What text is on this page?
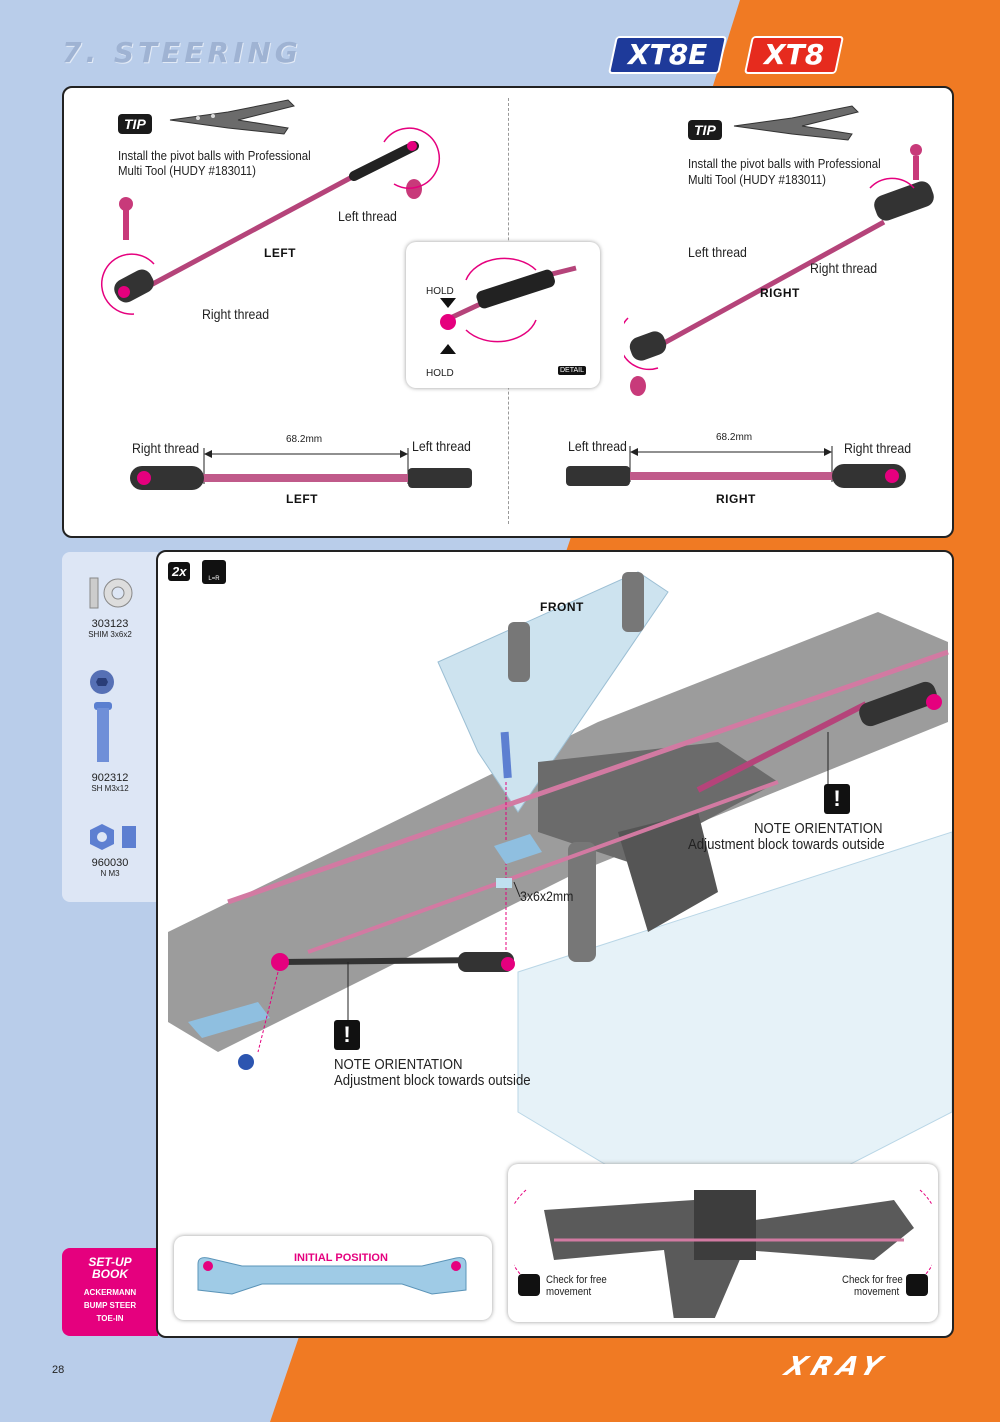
7. STEERING	XT8E	XT8
TIP
Install the pivot balls with Professional
Multi Tool (HUDY #183011)
Left thread
Right thread
LEFT
HOLD
HOLD	DETAIL
TIP
Install the pivot balls with Professional
Multi Tool (HUDY #183011)
Left thread
Right thread
RIGHT
Right thread	Left thread
68.2mm
LEFT
Left thread	Right thread
68.2mm
RIGHT
303123
SHIM 3x6x2
902312
SH M3x12
960030
N M3
SET-UP
BOOK
ACKERMANN
BUMP STEER
TOE-IN
2x	L=R
FRONT
3x6x2mm
!
NOTE ORIENTATION
Adjustment block towards outside
!
NOTE ORIENTATION
Adjustment block towards outside
INITIAL POSITION
Check for free
movement
Check for free
movement
28	XRAY
